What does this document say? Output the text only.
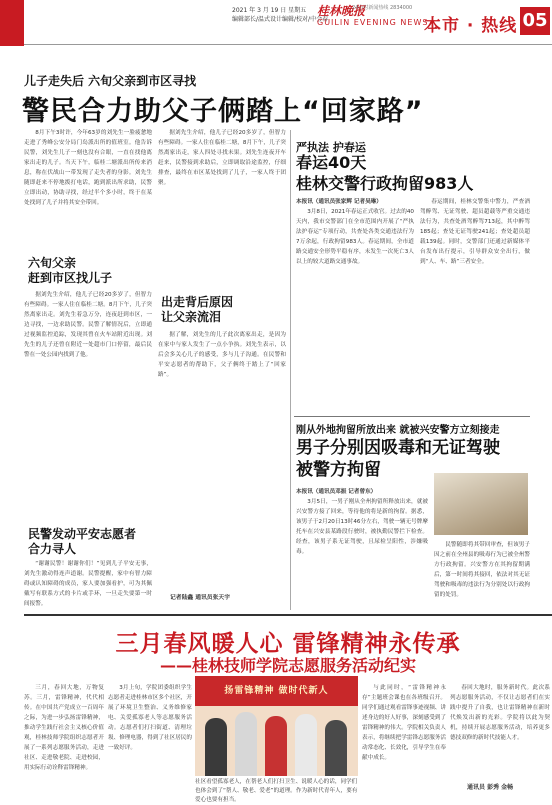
2021 年 3 月 19 日 星期五
编辑部长/温式设计编辑/校对/中会春
桂林晚报
24小时新闻热线 2834000
GUILIN EVENING NEWS
本市 · 热线 05
儿子走失后 六旬父亲到市区寻找
警民合力助父子俩踏上“回家路”

8月下午3时许，今年63岁的刘先生一脸疲惫地走进了秀峰公安分局门岛派出所的值班室。他告诉民警，刘先生儿子一刻也没有合眼，一直在找他离家出走的儿子。当天下午，临桂二塘派出所传来消息，称在伏战山一带发现了走失者的身影。刘先生随即赶来不停地拨打电话，跑到派出所求助，民警立即出动，协助寻找，经过半个多小时，终于在某处找到了儿子并将其安全带回。

六旬父亲
赶到市区找儿子

据刘先生介绍，他儿子已经20多岁了，但智力有些障碍。一家人住在临桂二塘。8月下午，儿子突然离家出走。刘先生着急万分，连夜赶到市区，一边寻找，一边求助民警。民警了解情况后，立即通过视频监控追踪，发现其曾在火车站附近出现。刘先生的儿子还曾在附近一处超市门口停留，最后民警在一处公园内找到了他。

民警发动平安志愿者
合力寻人

“谢谢民警！谢谢你们！”见到儿子平安无事，刘先生激动得连声道谢。民警提醒，家中有智力障碍或认知障碍的成员，家人要加强看护，可为其佩戴写有联系方式的卡片或手环，一旦走失要第一时间报警。

据刘先生介绍，他儿子已经20多岁了，但智力有些障碍。一家人住在临桂二塘，8月下午，儿子突然离家出走，家人四处寻找未果。刘先生连夜开车赶来，民警接到求助后，立即调取沿途监控，仔细排查，最终在市区某处找到了儿子，一家人终于团聚。

出走背后原因
让父亲流泪

据了解，刘先生的儿子此次离家出走，是因为在家中与家人发生了一点小争执。刘先生表示，以后会多关心儿子的感受，多与儿子沟通。在民警和平安志愿者的帮助下，父子俩终于踏上了“回家路”。

记者陆鑫 通讯员张天宇
严执法 护春运
春运40天
桂林交警行政拘留983人

本报讯（通讯员张家辉 记者吴琳）

3月8日，2021年春运正式收官。过去的40天内，我市交警部门在全市范围内开展了“严执法护春运”专项行动，共查处各类交通违法行为7万余起，行政拘留983人。春运期间，全市道路交通安全形势平稳有序，未发生一次死亡3人以上的较大道路交通事故。

春运期间，桂林交警集中警力，严查酒驾醉驾、无证驾驶、超员超载等严重交通违法行为，共查处酒驾醉驾713起，其中醉驾185起；查处无证驾驶241起；查处超员超载139起。同时，交警部门还通过新媒体平台发布出行提示，引导群众安全出行，做到“人、车、路”三者安全。

刚从外地拘留所放出来 就被兴安警方立刻接走
男子分别因吸毒和无证驾驶
被警方拘留

本报讯（通讯员邓振 记者曾东）

3月5日，一男子刚从全州拘留所释放出来，就被兴安警方接了回来，等待他的将是新的拘留。据悉，该男子于2月20日13时46分左右，驾驶一辆无号牌摩托车在兴安县某路段行驶时，被执勤民警拦下检查。经查，该男子系无证驾驶，且尿检呈阳性，涉嫌吸毒。

民警随即将其带回审查，但该男子因之前在全州县的吸毒行为已被全州警方行政拘留。兴安警方在其拘留期满后，第一时间将其接回，依法对其无证驾驶和吸毒的违法行为分别处以行政拘留的处罚。

三月春风暖人心 雷锋精神永传承
——桂林技师学院志愿服务活动纪实

三月，春回大地，万物复苏。三月，雷锋精神，代代相传。在中国共产党成立一百周年之际，为进一步弘扬雷锋精神，推动学生践行社会主义核心价值观，桂林技师学院组织志愿者开展了一系列志愿服务活动，走进社区、走进敬老院、走进校园，用实际行动诠释雷锋精神。

3月上旬，学院团委组织学生志愿者走进桂林市区多个社区，开展了环境卫生整治、义务维修家电、关爱孤寡老人等志愿服务活动。志愿者们打扫街道、清理垃圾、修理电器，得到了社区居民的一致好评。

扬雷锋精神 做时代新人
社区看望孤寡老人，在帮老人们打扫卫生、说暖人心的话，同学们也体会到了“帮人、敬老、爱老”的道理。作为新时代青年人，要有爱心也要有担当。

与此同时，“雷锋精神永存”主题班会课也在各班级召开。同学们通过观看雷锋事迹视频、讲述身边的好人好事，深刻感受到了雷锋精神的伟大。学院相关负责人表示，将继续把学雷锋志愿服务活动常态化、长效化，引导学生在奉献中成长。

春回大地时，服务新时代。此次系列志愿服务活动，不仅让志愿者们在实践中提升了自我，也让雷锋精神在新时代焕发出新的光彩。学院将以此为契机，持续开展志愿服务活动，培养更多德技双修的新时代技能人才。

通讯员 彭秀 金畅
